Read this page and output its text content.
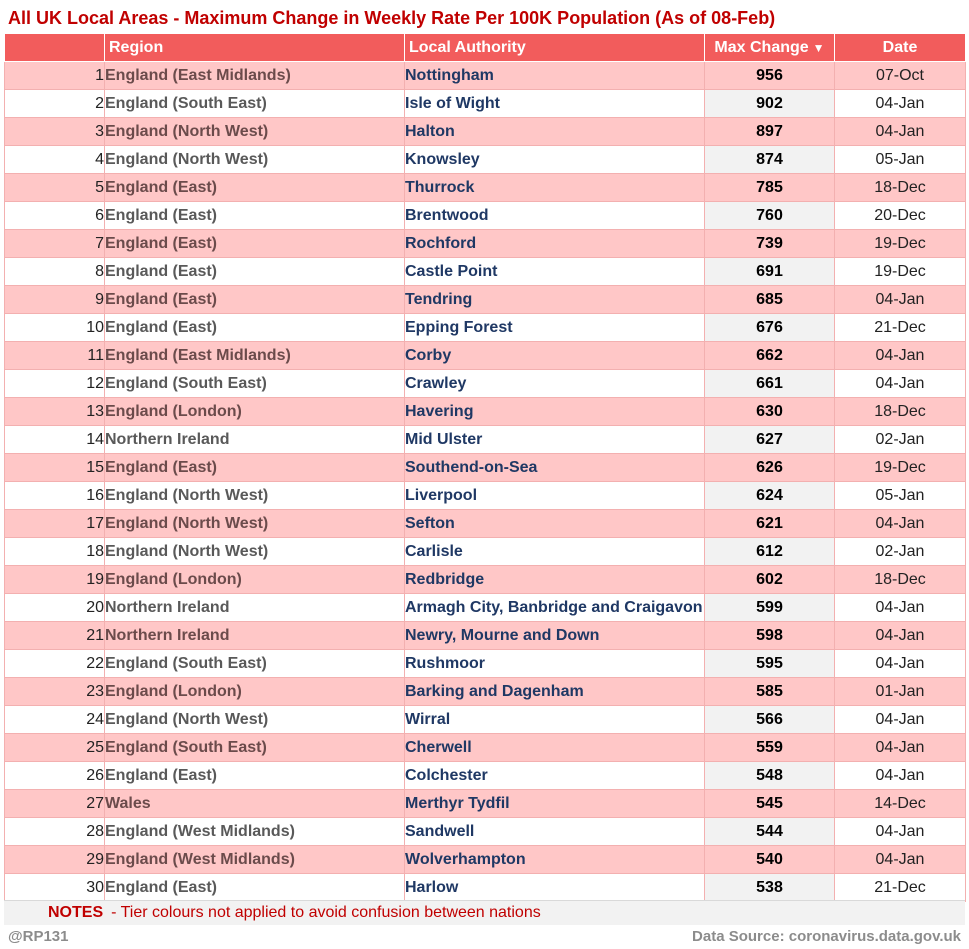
All UK Local Areas - Maximum Change in Weekly Rate Per 100K Population (As of 08-Feb)
	Region	Local Authority	Max Change ▼	Date
1	England (East Midlands)	Nottingham	956	07-Oct
2	England (South East)	Isle of Wight	902	04-Jan
3	England (North West)	Halton	897	04-Jan
4	England (North West)	Knowsley	874	05-Jan
5	England (East)	Thurrock	785	18-Dec
6	England (East)	Brentwood	760	20-Dec
7	England (East)	Rochford	739	19-Dec
8	England (East)	Castle Point	691	19-Dec
9	England (East)	Tendring	685	04-Jan
10	England (East)	Epping Forest	676	21-Dec
11	England (East Midlands)	Corby	662	04-Jan
12	England (South East)	Crawley	661	04-Jan
13	England (London)	Havering	630	18-Dec
14	Northern Ireland	Mid Ulster	627	02-Jan
15	England (East)	Southend-on-Sea	626	19-Dec
16	England (North West)	Liverpool	624	05-Jan
17	England (North West)	Sefton	621	04-Jan
18	England (North West)	Carlisle	612	02-Jan
19	England (London)	Redbridge	602	18-Dec
20	Northern Ireland	Armagh City, Banbridge and Craigavon	599	04-Jan
21	Northern Ireland	Newry, Mourne and Down	598	04-Jan
22	England (South East)	Rushmoor	595	04-Jan
23	England (London)	Barking and Dagenham	585	01-Jan
24	England (North West)	Wirral	566	04-Jan
25	England (South East)	Cherwell	559	04-Jan
26	England (East)	Colchester	548	04-Jan
27	Wales	Merthyr Tydfil	545	14-Dec
28	England (West Midlands)	Sandwell	544	04-Jan
29	England (West Midlands)	Wolverhampton	540	04-Jan
30	England (East)	Harlow	538	21-Dec
NOTES - Tier colours not applied to avoid confusion between nations
@RP131	Data Source: coronavirus.data.gov.uk
